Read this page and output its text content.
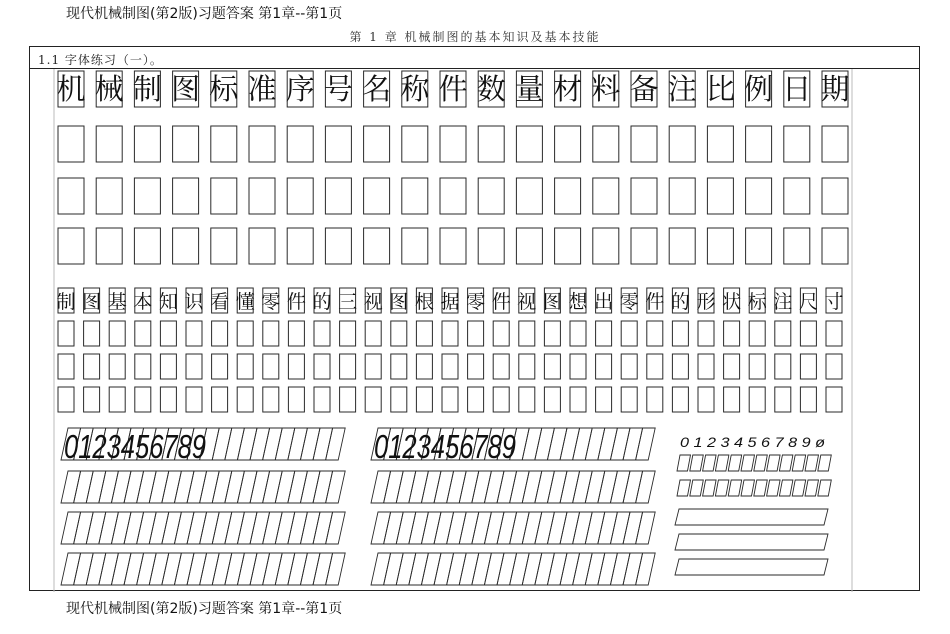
现代机械制图(第2版)习题答案 第1章--第1页
第 1 章 机械制图的基本知识及基本技能
1.1 字体练习（一）。
机 械 制 图 标 准 序 号 名 称 件 数 量 材 料 备 注 比 例 日 期
制 图 基 本 知 识 看 懂 零 件 的 三 视 图 根 据 零 件 视 图 想 出 零 件 的 形 状 标 注 尺 寸
0123456789	0123456789	0 1 2 3 4 5 6 7 8 9 ø
现代机械制图(第2版)习题答案 第1章--第1页
